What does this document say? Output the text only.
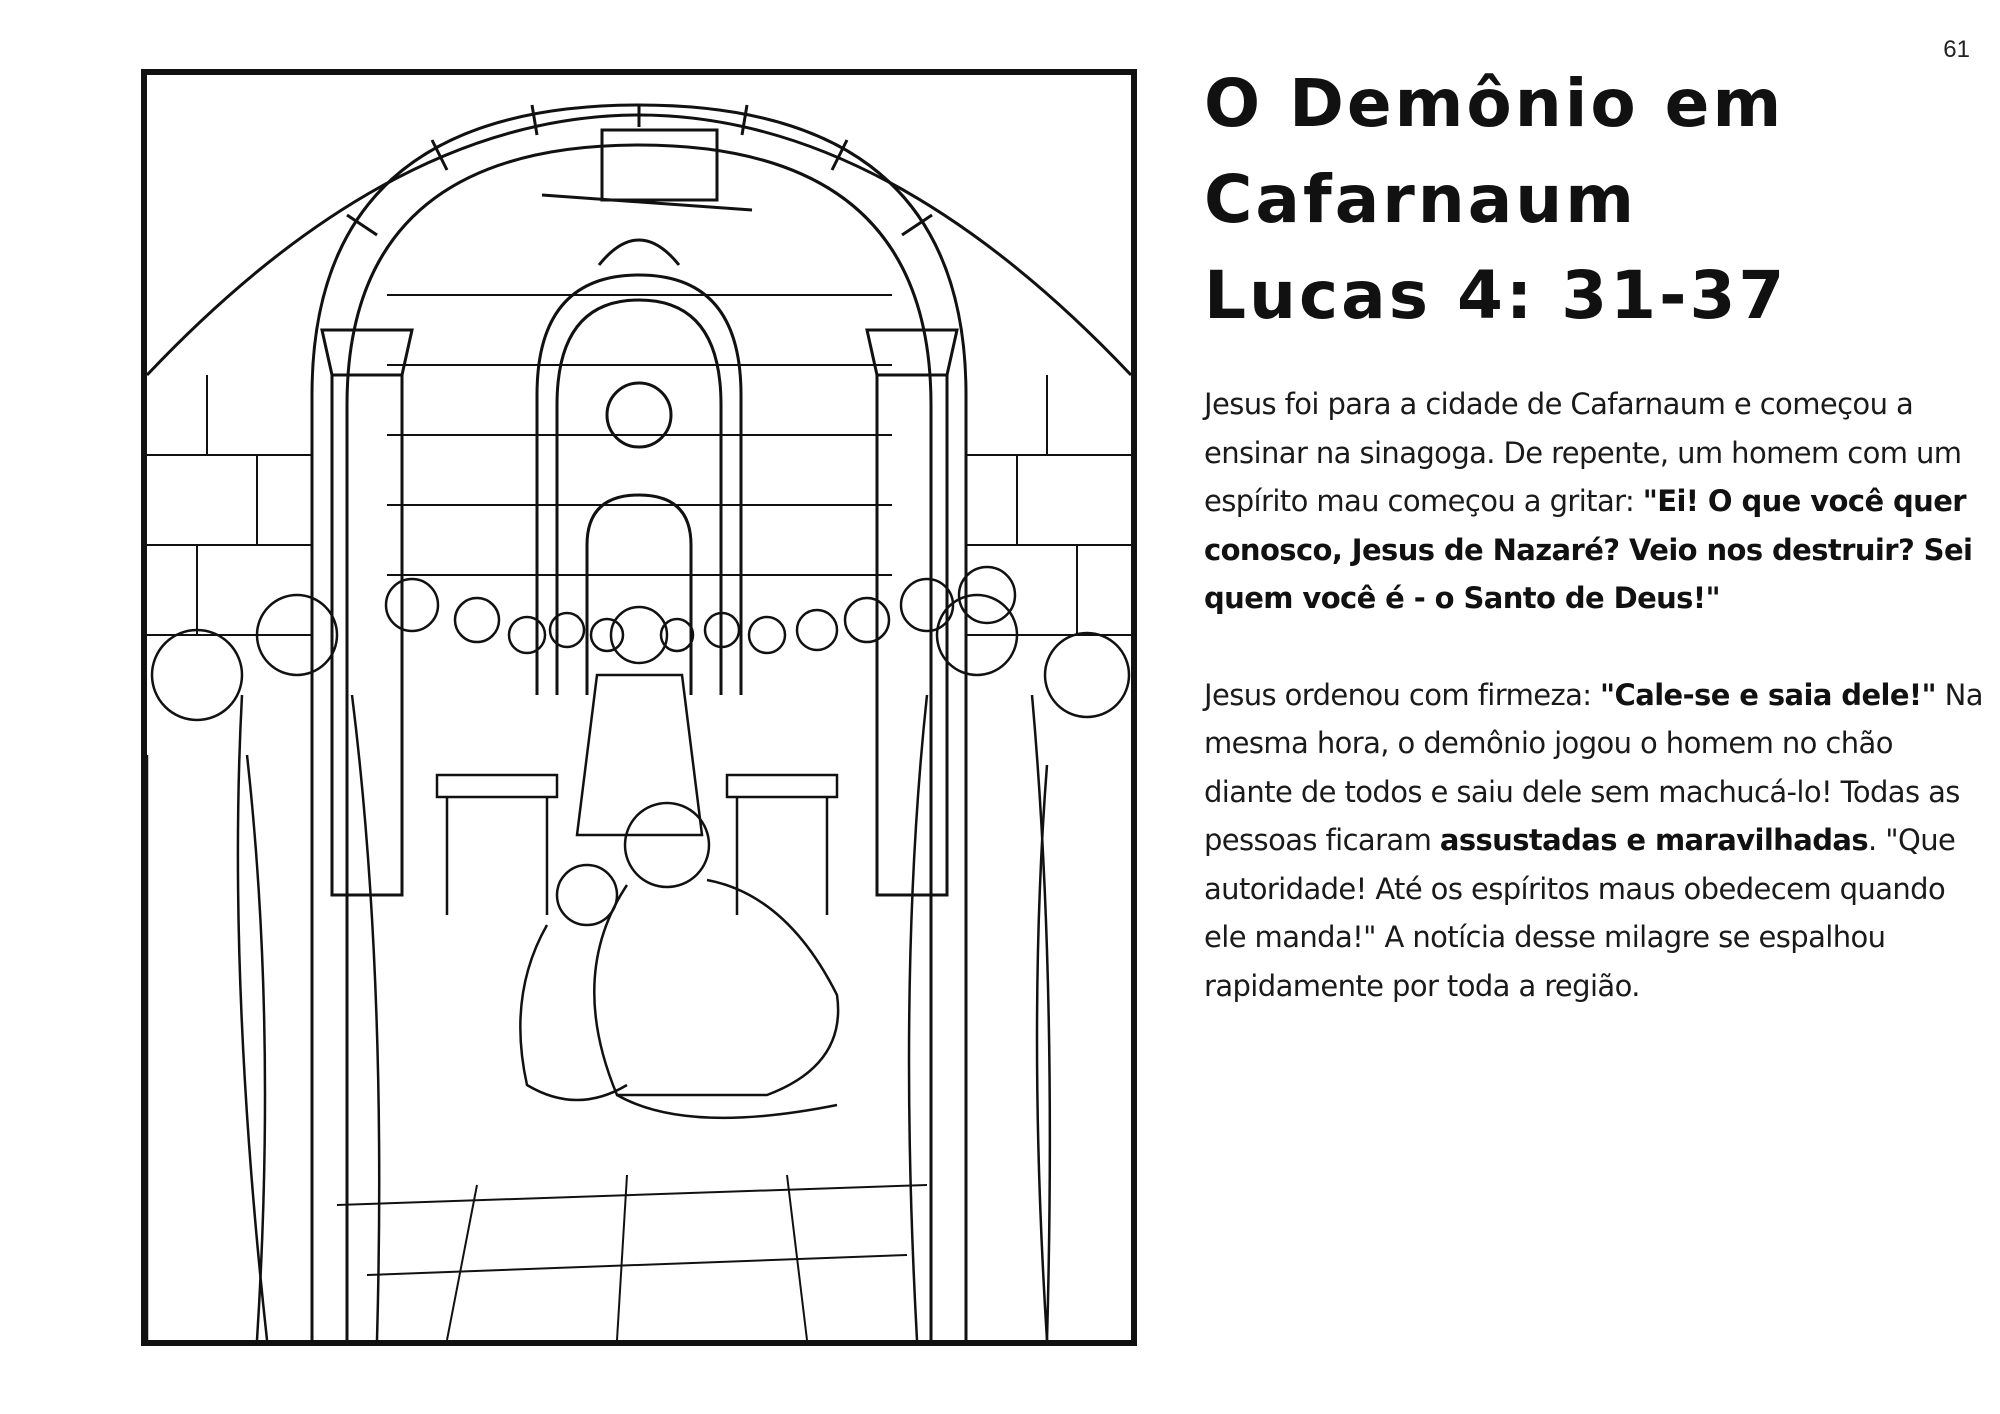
61
O Demônio em
Cafarnaum
Lucas 4: 31-37

Jesus foi para a cidade de Cafarnaum e começou a ensinar na sinagoga. De repente, um homem com um espírito mau começou a gritar: "Ei! O que você quer conosco, Jesus de Nazaré? Veio nos destruir? Sei quem você é - o Santo de Deus!"

Jesus ordenou com firmeza: "Cale-se e saia dele!" Na mesma hora, o demônio jogou o homem no chão diante de todos e saiu dele sem machucá-lo! Todas as pessoas ficaram assustadas e maravilhadas. "Que autoridade! Até os espíritos maus obedecem quando ele manda!" A notícia desse milagre se espalhou rapidamente por toda a região.
